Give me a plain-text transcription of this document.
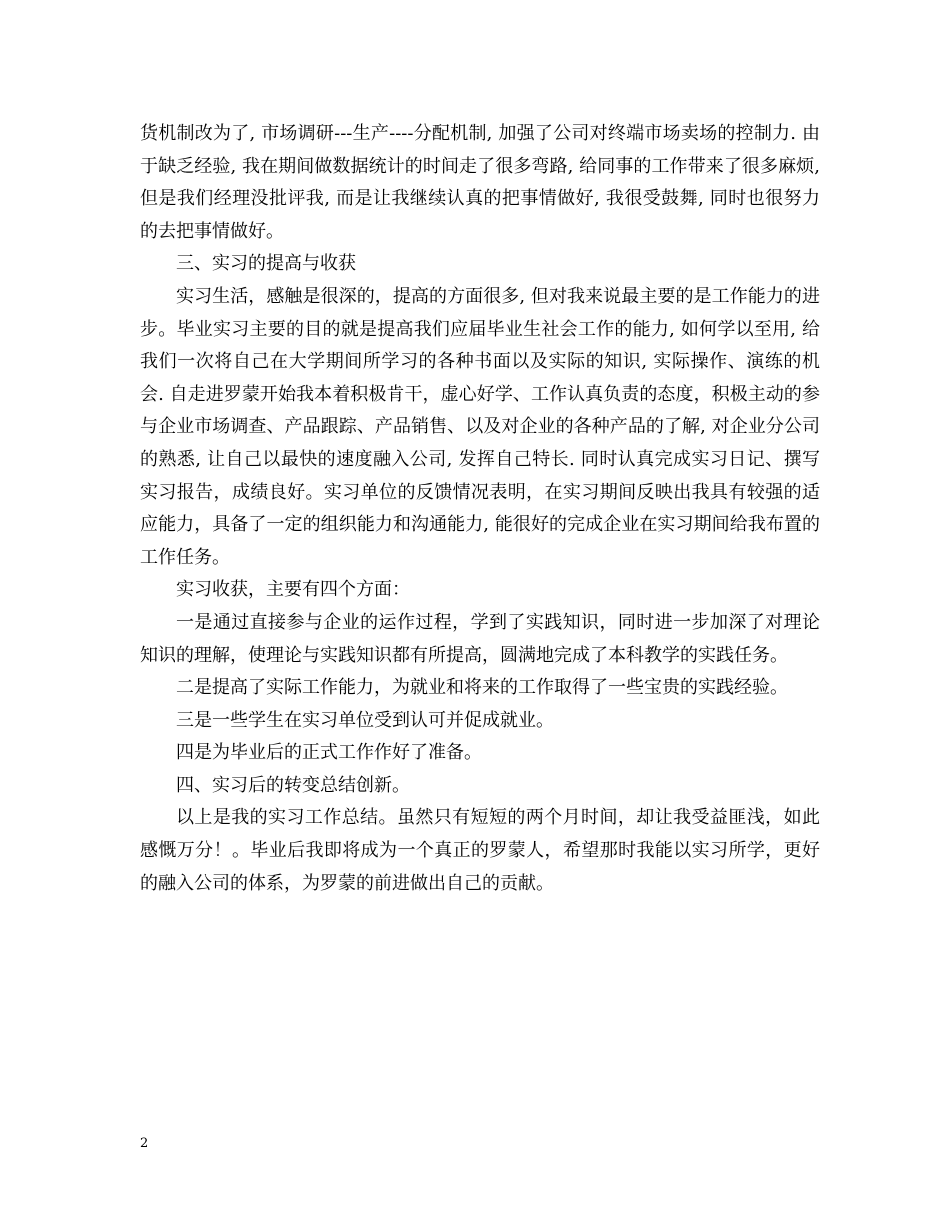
货机制改为了, 市场调研---生产----分配机制, 加强了公司对终端市场卖场的控制力. 由于缺乏经验, 我在期间做数据统计的时间走了很多弯路, 给同事的工作带来了很多麻烦, 但是我们经理没批评我, 而是让我继续认真的把事情做好, 我很受鼓舞, 同时也很努力的去把事情做好。

三、实习的提高与收获

实习生活，感触是很深的，提高的方面很多, 但对我来说最主要的是工作能力的进步。毕业实习主要的目的就是提高我们应届毕业生社会工作的能力, 如何学以至用, 给我们一次将自己在大学期间所学习的各种书面以及实际的知识, 实际操作、演练的机会. 自走进罗蒙开始我本着积极肯干，虚心好学、工作认真负责的态度，积极主动的参与企业市场调查、产品跟踪、产品销售、以及对企业的各种产品的了解, 对企业分公司的熟悉, 让自己以最快的速度融入公司, 发挥自己特长. 同时认真完成实习日记、撰写实习报告，成绩良好。实习单位的反馈情况表明，在实习期间反映出我具有较强的适应能力，具备了一定的组织能力和沟通能力, 能很好的完成企业在实习期间给我布置的工作任务。

实习收获，主要有四个方面：

一是通过直接参与企业的运作过程，学到了实践知识，同时进一步加深了对理论知识的理解，使理论与实践知识都有所提高，圆满地完成了本科教学的实践任务。

二是提高了实际工作能力，为就业和将来的工作取得了一些宝贵的实践经验。

三是一些学生在实习单位受到认可并促成就业。

四是为毕业后的正式工作作好了准备。

四、实习后的转变总结创新。

以上是我的实习工作总结。虽然只有短短的两个月时间，却让我受益匪浅，如此感慨万分！。毕业后我即将成为一个真正的罗蒙人，希望那时我能以实习所学，更好的融入公司的体系，为罗蒙的前进做出自己的贡献。

2
